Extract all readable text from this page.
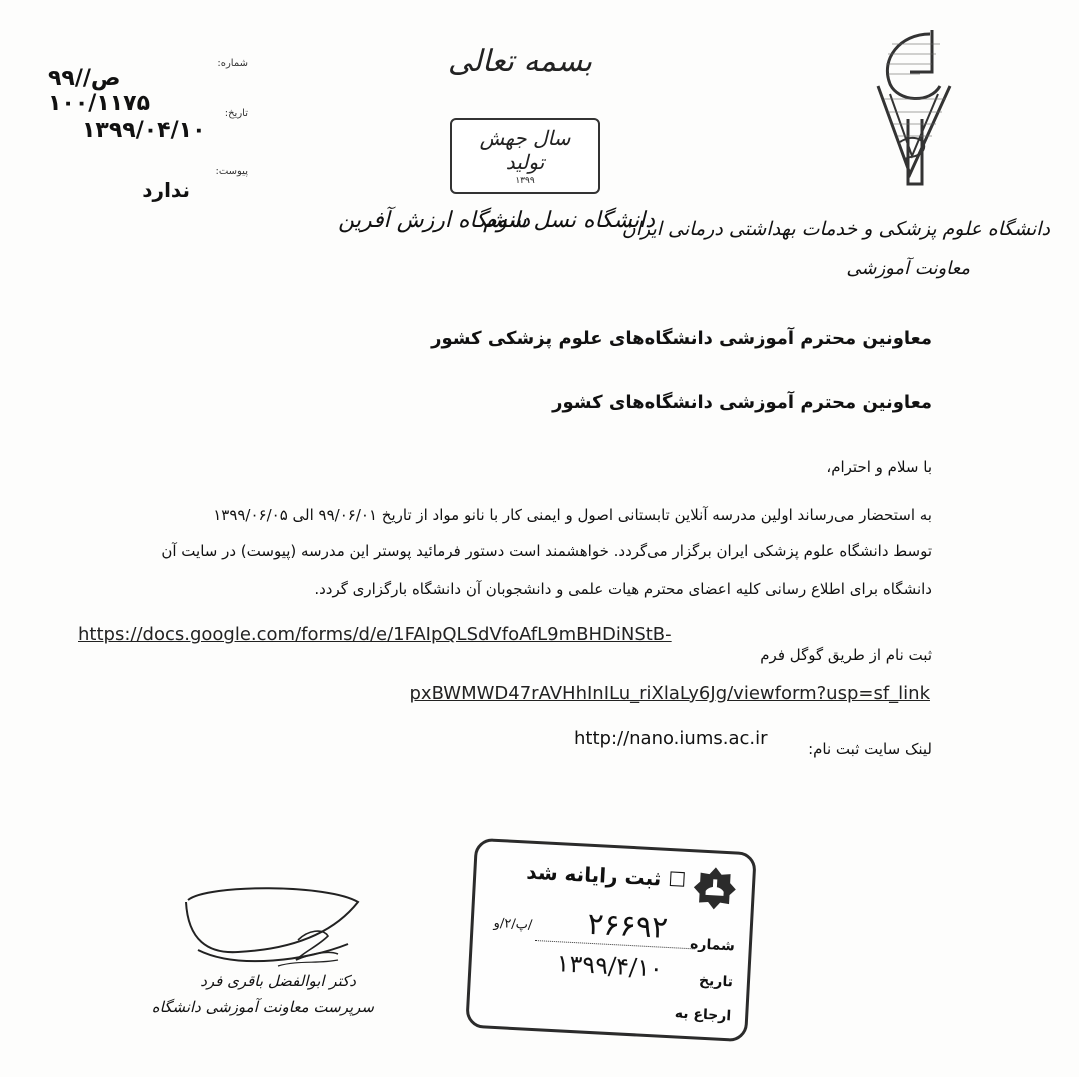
شماره:
۹۹/ص/۱۰۰/۱۱۷۵	تاریخ:
۱۳۹۹/۰۴/۱۰
پیوست:
ندارد
بسمه تعالی
سال جهش تولید
۱۳۹۹
دانشگاه ارزش آفرین
دانشگاه نسل سوم
دانشگاه علوم پزشکی و خدمات بهداشتی درمانی ایران
معاونت آموزشی
معاونین محترم آموزشی دانشگاه‌های علوم پزشکی کشور
معاونین محترم آموزشی دانشگاه‌های کشور
با سلام و احترام،
به استحضار می‌رساند اولین مدرسه آنلاین تابستانی اصول و ایمنی کار با نانو مواد از تاریخ ۹۹/۰۶/۰۱ الی ۱۳۹۹/۰۶/۰۵
توسط دانشگاه علوم پزشکی ایران برگزار می‌گردد. خواهشمند است دستور فرمائید پوستر این مدرسه (پیوست) در سایت آن
دانشگاه برای اطلاع رسانی کلیه اعضای محترم هیات علمی و دانشجوبان آن دانشگاه بارگزاری گردد.
ثبت نام از طریق گوگل فرم
https://docs.google.com/forms/d/e/1FAIpQLSdVfoAfL9mBHDiNStB-
pxBWMWD47rAVHhInILu_riXlaLy6Jg/viewform?usp=sf_link
لینک سایت ثبت نام:
http://nano.iums.ac.ir
☐ ثبت رایانه شد
شماره
۲۶۶۹۲
پ/۲/و/
تاریخ
۱۳۹۹/۴/۱۰
ارجاع به
دکتر ابوالفضل باقری فرد
سرپرست معاونت آموزشی دانشگاه
